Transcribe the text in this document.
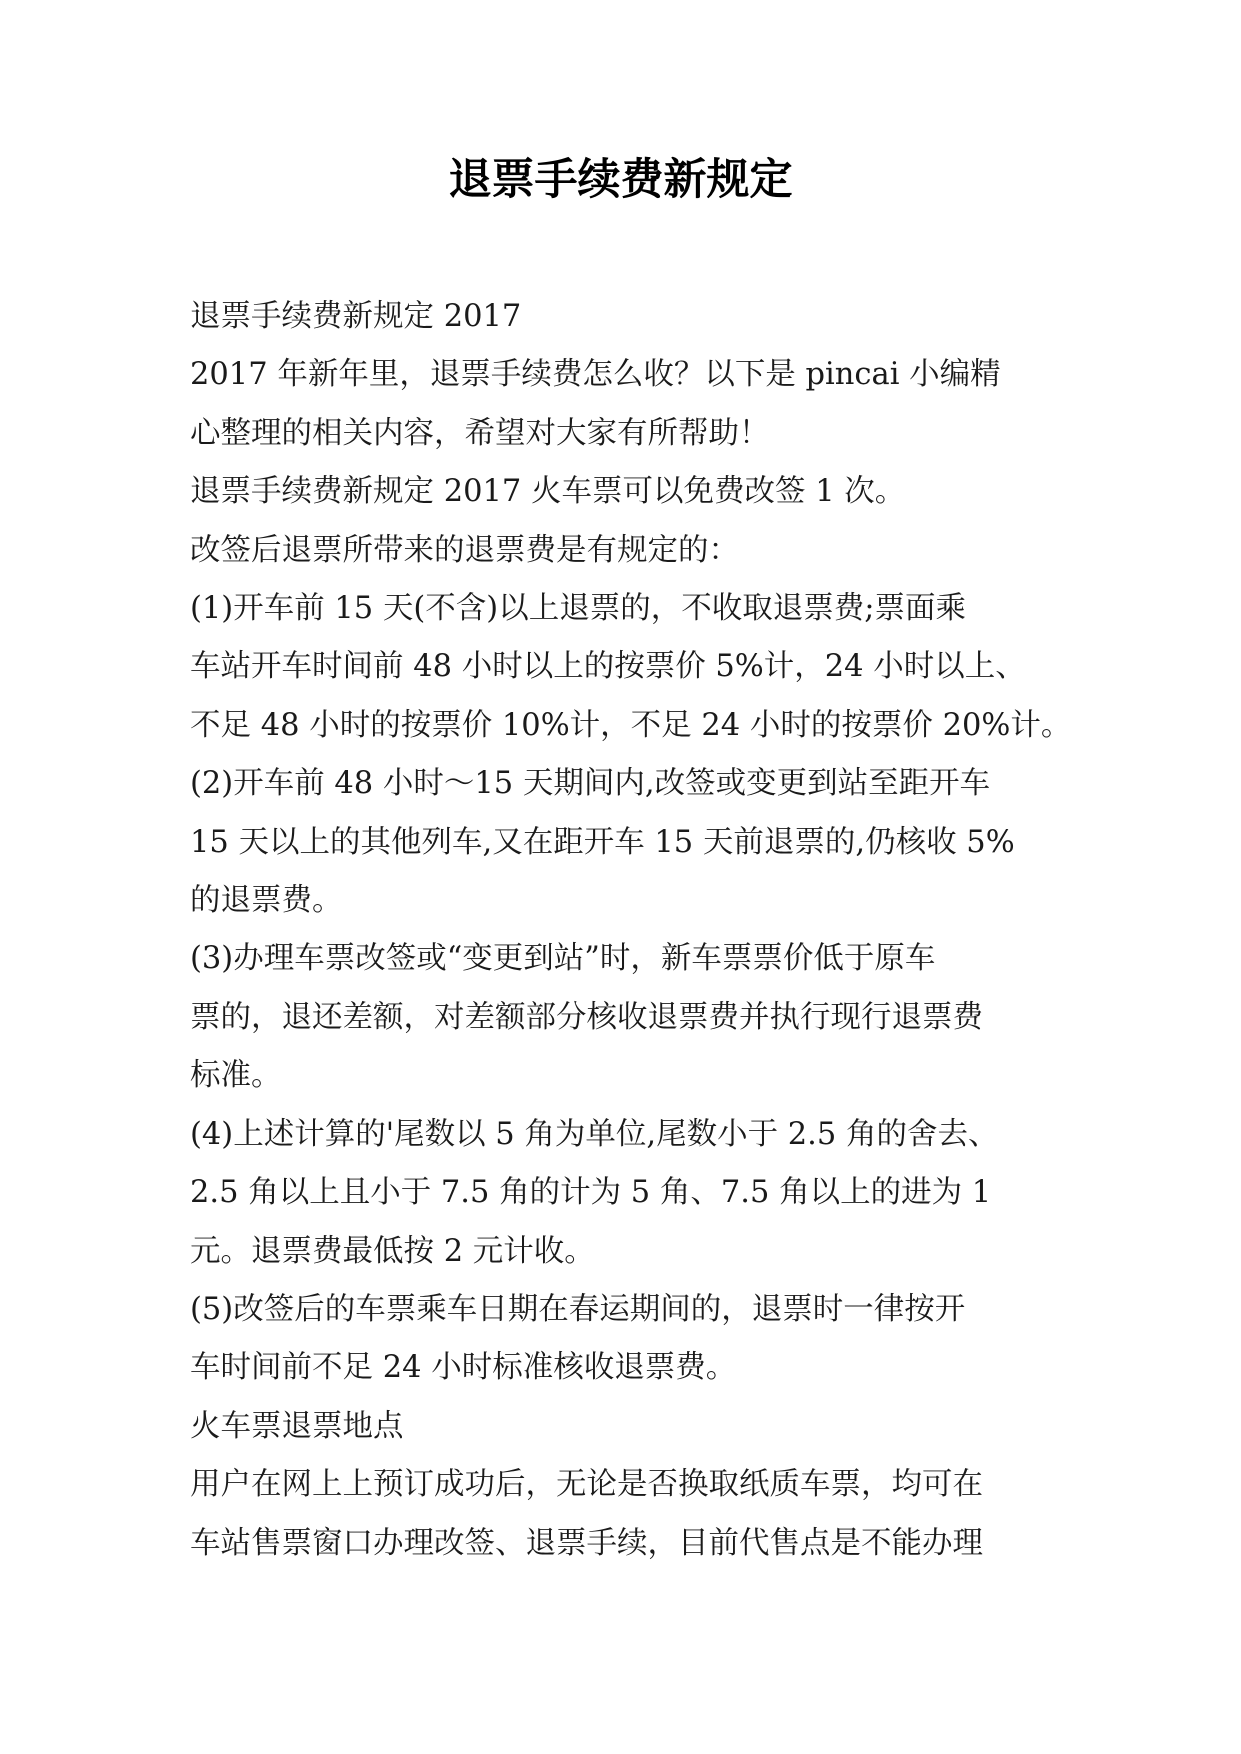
退票手续费新规定

退票手续费新规定 2017

2017 年新年里，退票手续费怎么收？以下是 pincai 小编精
心整理的相关内容，希望对大家有所帮助！

退票手续费新规定 2017 火车票可以免费改签 1 次。

改签后退票所带来的退票费是有规定的：

(1)开车前 15 天(不含)以上退票的，不收取退票费;票面乘
车站开车时间前 48 小时以上的按票价 5%计，24 小时以上、
不足 48 小时的按票价 10%计，不足 24 小时的按票价 20%计。

(2)开车前 48 小时～15 天期间内,改签或变更到站至距开车
15 天以上的其他列车,又在距开车 15 天前退票的,仍核收 5%
的退票费。

(3)办理车票改签或“变更到站”时，新车票票价低于原车
票的，退还差额，对差额部分核收退票费并执行现行退票费
标准。

(4)上述计算的'尾数以 5 角为单位,尾数小于 2.5 角的舍去、
2.5 角以上且小于 7.5 角的计为 5 角、7.5 角以上的进为 1
元。退票费最低按 2 元计收。

(5)改签后的车票乘车日期在春运期间的，退票时一律按开
车时间前不足 24 小时标准核收退票费。

火车票退票地点

用户在网上上预订成功后，无论是否换取纸质车票，均可在
车站售票窗口办理改签、退票手续，目前代售点是不能办理
